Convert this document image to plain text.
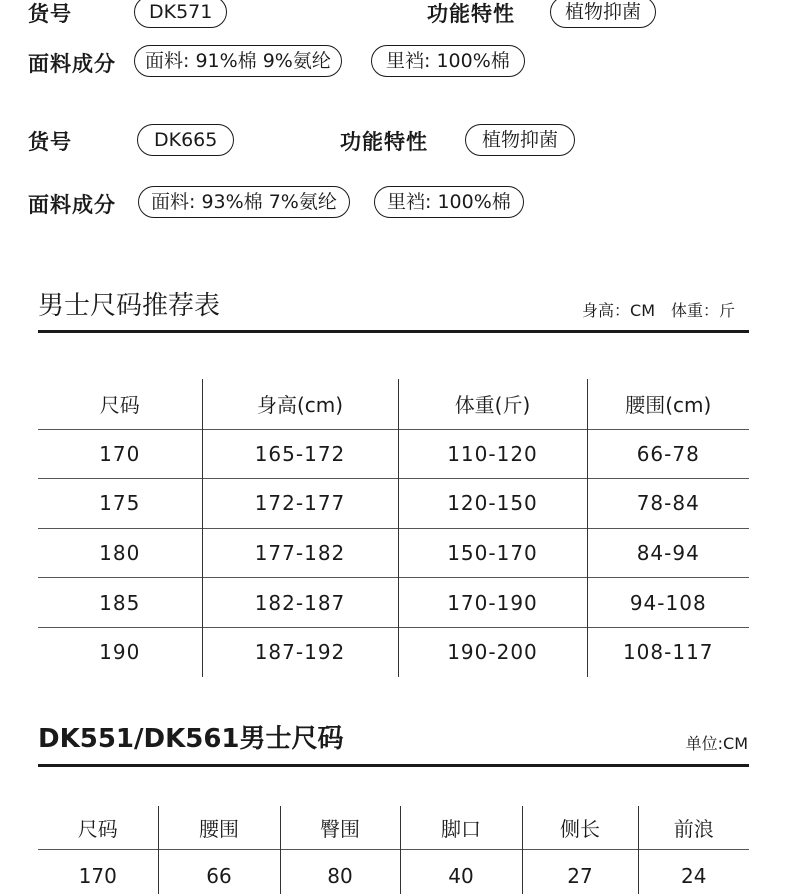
货号	DK571	功能特性	植物抑菌
面料成分	面料: 91%棉 9%氨纶	里裆: 100%棉
货号	DK665	功能特性	植物抑菌
面料成分	面料: 93%棉 7%氨纶	里裆: 100%棉
男士尺码推荐表	身高：CM　体重：斤
尺码	身高(cm)	体重(斤)	腰围(cm)
170	165-172	110-120	66-78
175	172-177	120-150	78-84
180	177-182	150-170	84-94
185	182-187	170-190	94-108
190	187-192	190-200	108-117
DK551/DK561男士尺码	单位:CM
尺码	腰围	臀围	脚口	侧长	前浪
170	66	80	40	27	24
